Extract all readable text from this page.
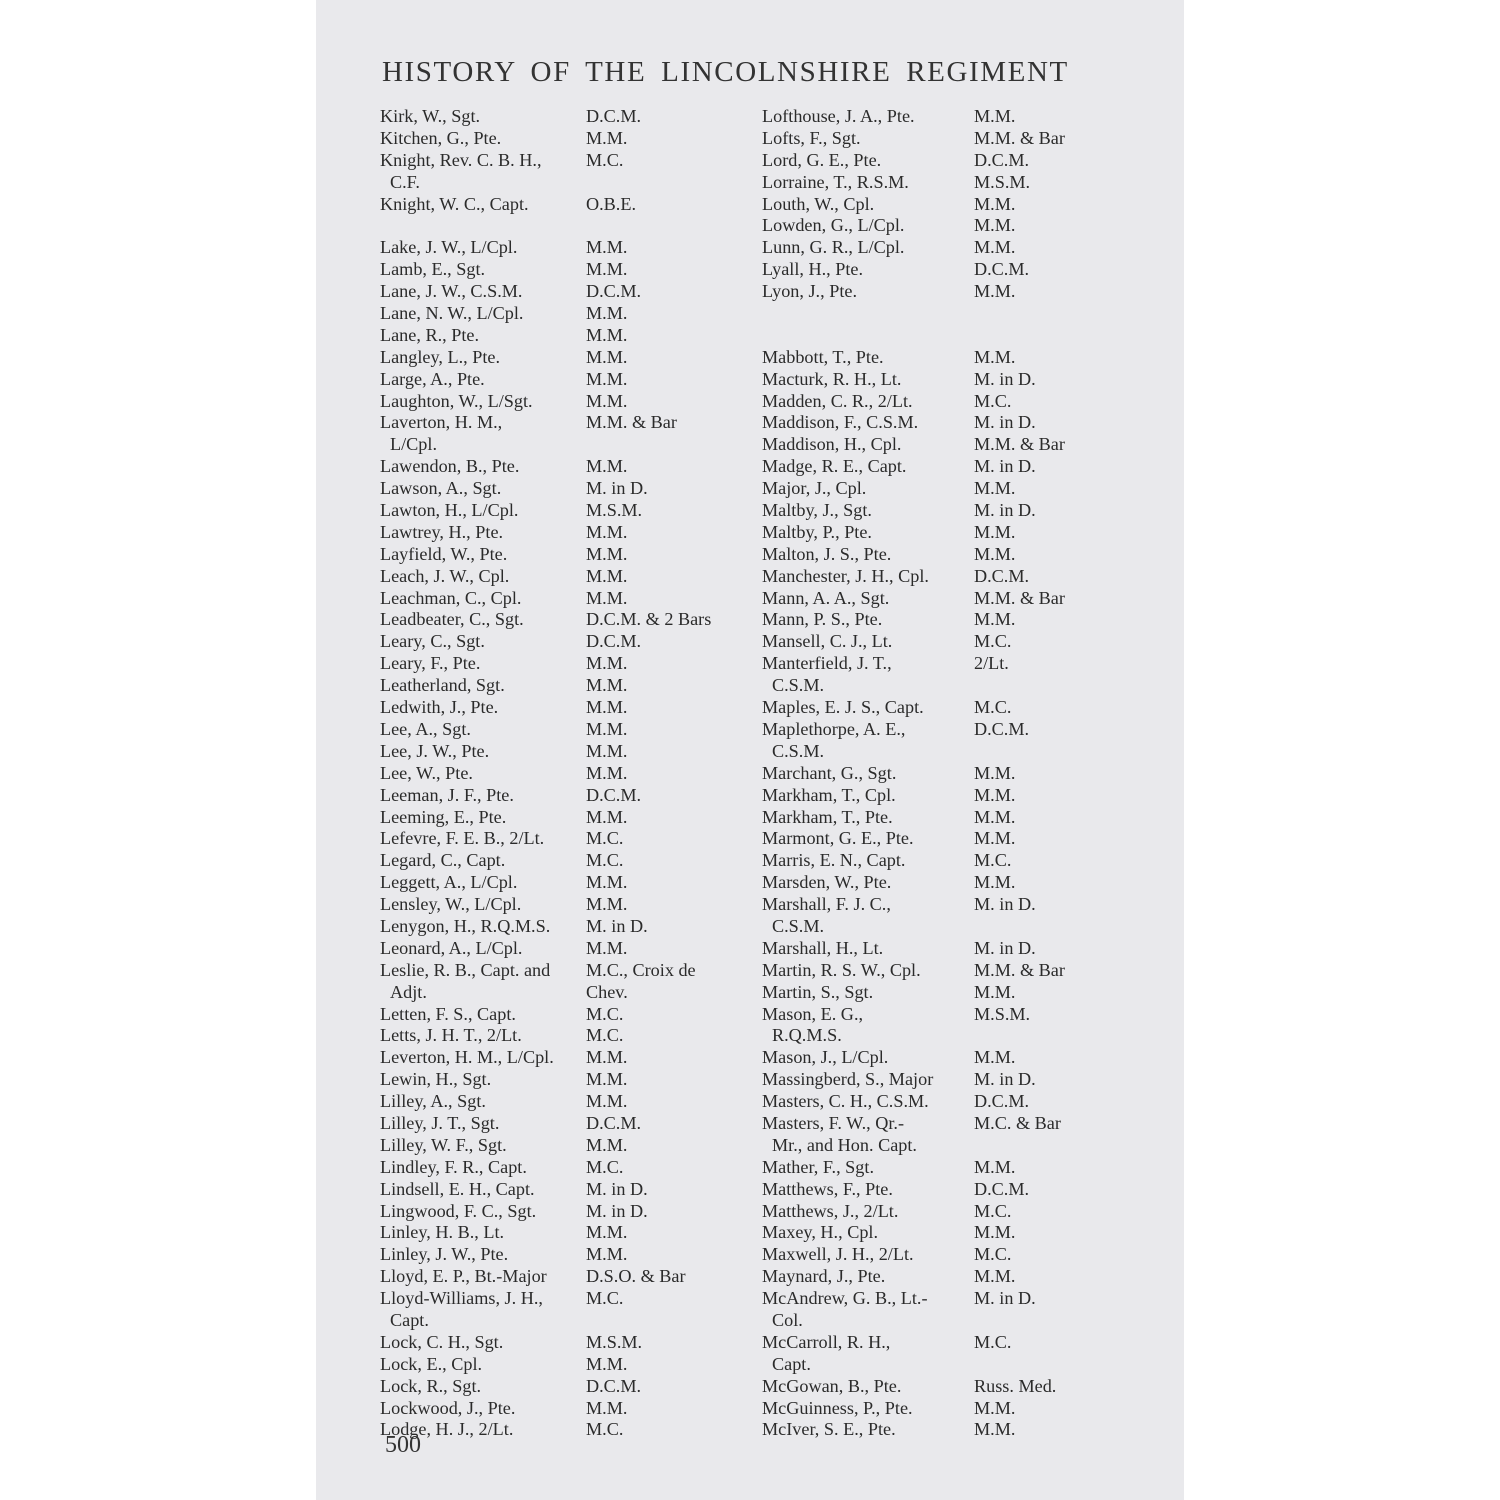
HISTORY OF THE LINCOLNSHIRE REGIMENT
Kirk, W., Sgt.	D.C.M.
Kitchen, G., Pte.	M.M.
Knight, Rev. C. B. H., M.C.
C.F.
Knight, W. C., Capt.	O.B.E.
Lake, J. W., L/Cpl.	M.M.
Lamb, E., Sgt.	M.M.
Lane, J. W., C.S.M.	D.C.M.
Lane, N. W., L/Cpl.	M.M.
Lane, R., Pte.	M.M.
Langley, L., Pte.	M.M.
Large, A., Pte.	M.M.
Laughton, W., L/Sgt.	M.M.
Laverton, H. M.,	M.M. & Bar
L/Cpl.
Lawendon, B., Pte.	M.M.
Lawson, A., Sgt.	M. in D.
Lawton, H., L/Cpl.	M.S.M.
Lawtrey, H., Pte.	M.M.
Layfield, W., Pte.	M.M.
Leach, J. W., Cpl.	M.M.
Leachman, C., Cpl.	M.M.
Leadbeater, C., Sgt.	D.C.M. & 2 Bars
Leary, C., Sgt.	D.C.M.
Leary, F., Pte.	M.M.
Leatherland, Sgt.	M.M.
Ledwith, J., Pte.	M.M.
Lee, A., Sgt.	M.M.
Lee, J. W., Pte.	M.M.
Lee, W., Pte.	M.M.
Leeman, J. F., Pte.	D.C.M.
Leeming, E., Pte.	M.M.
Lefevre, F. E. B., 2/Lt. M.C.
Legard, C., Capt.	M.C.
Leggett, A., L/Cpl.	M.M.
Lensley, W., L/Cpl.	M.M.
Lenygon, H., R.Q.M.S. M. in D.
Leonard, A., L/Cpl.	M.M.
Leslie, R. B., Capt. and M.C., Croix de
Adjt.	Chev.
Letten, F. S., Capt.	M.C.
Letts, J. H. T., 2/Lt.	M.C.
Leverton, H. M., L/Cpl. M.M.
Lewin, H., Sgt.	M.M.
Lilley, A., Sgt.	M.M.
Lilley, J. T., Sgt.	D.C.M.
Lilley, W. F., Sgt.	M.M.
Lindley, F. R., Capt.	M.C.
Lindsell, E. H., Capt.	M. in D.
Lingwood, F. C., Sgt.	M. in D.
Linley, H. B., Lt.	M.M.
Linley, J. W., Pte.	M.M.
Lloyd, E. P., Bt.-Major D.S.O. & Bar
Lloyd-Williams, J. H., M.C.
Capt.
Lock, C. H., Sgt.	M.S.M.
Lock, E., Cpl.	M.M.
Lock, R., Sgt.	D.C.M.
Lockwood, J., Pte.	M.M.
Lodge, H. J., 2/Lt.	M.C.
Lofthouse, J. A., Pte.	M.M.
Lofts, F., Sgt.	M.M. & Bar
Lord, G. E., Pte.	D.C.M.
Lorraine, T., R.S.M.	M.S.M.
Louth, W., Cpl.	M.M.
Lowden, G., L/Cpl.	M.M.
Lunn, G. R., L/Cpl.	M.M.
Lyall, H., Pte.	D.C.M.
Lyon, J., Pte.	M.M.
Mabbott, T., Pte.	M.M.
Macturk, R. H., Lt.	M. in D.
Madden, C. R., 2/Lt.	M.C.
Maddison, F., C.S.M.	M. in D.
Maddison, H., Cpl.	M.M. & Bar
Madge, R. E., Capt.	M. in D.
Major, J., Cpl.	M.M.
Maltby, J., Sgt.	M. in D.
Maltby, P., Pte.	M.M.
Malton, J. S., Pte.	M.M.
Manchester, J. H., Cpl. D.C.M.
Mann, A. A., Sgt.	M.M. & Bar
Mann, P. S., Pte.	M.M.
Mansell, C. J., Lt.	M.C.
Manterfield, J. T.,	2/Lt.
C.S.M.
Maples, E. J. S., Capt.	M.C.
Maplethorpe, A. E.,	D.C.M.
C.S.M.
Marchant, G., Sgt.	M.M.
Markham, T., Cpl.	M.M.
Markham, T., Pte.	M.M.
Marmont, G. E., Pte.	M.M.
Marris, E. N., Capt.	M.C.
Marsden, W., Pte.	M.M.
Marshall, F. J. C.,	M. in D.
C.S.M.
Marshall, H., Lt.	M. in D.
Martin, R. S. W., Cpl.	M.M. & Bar
Martin, S., Sgt.	M.M.
Mason, E. G.,	M.S.M.
R.Q.M.S.
Mason, J., L/Cpl.	M.M.
Massingberd, S., Major M. in D.
Masters, C. H., C.S.M. D.C.M.
Masters, F. W., Qr.-	M.C. & Bar
Mr., and Hon. Capt.
Mather, F., Sgt.	M.M.
Matthews, F., Pte.	D.C.M.
Matthews, J., 2/Lt.	M.C.
Maxey, H., Cpl.	M.M.
Maxwell, J. H., 2/Lt.	M.C.
Maynard, J., Pte.	M.M.
McAndrew, G. B., Lt.-	M. in D.
Col.
McCarroll, R. H.,	M.C.
Capt.
McGowan, B., Pte.	Russ. Med.
McGuinness, P., Pte.	M.M.
McIver, S. E., Pte.	M.M.
500
